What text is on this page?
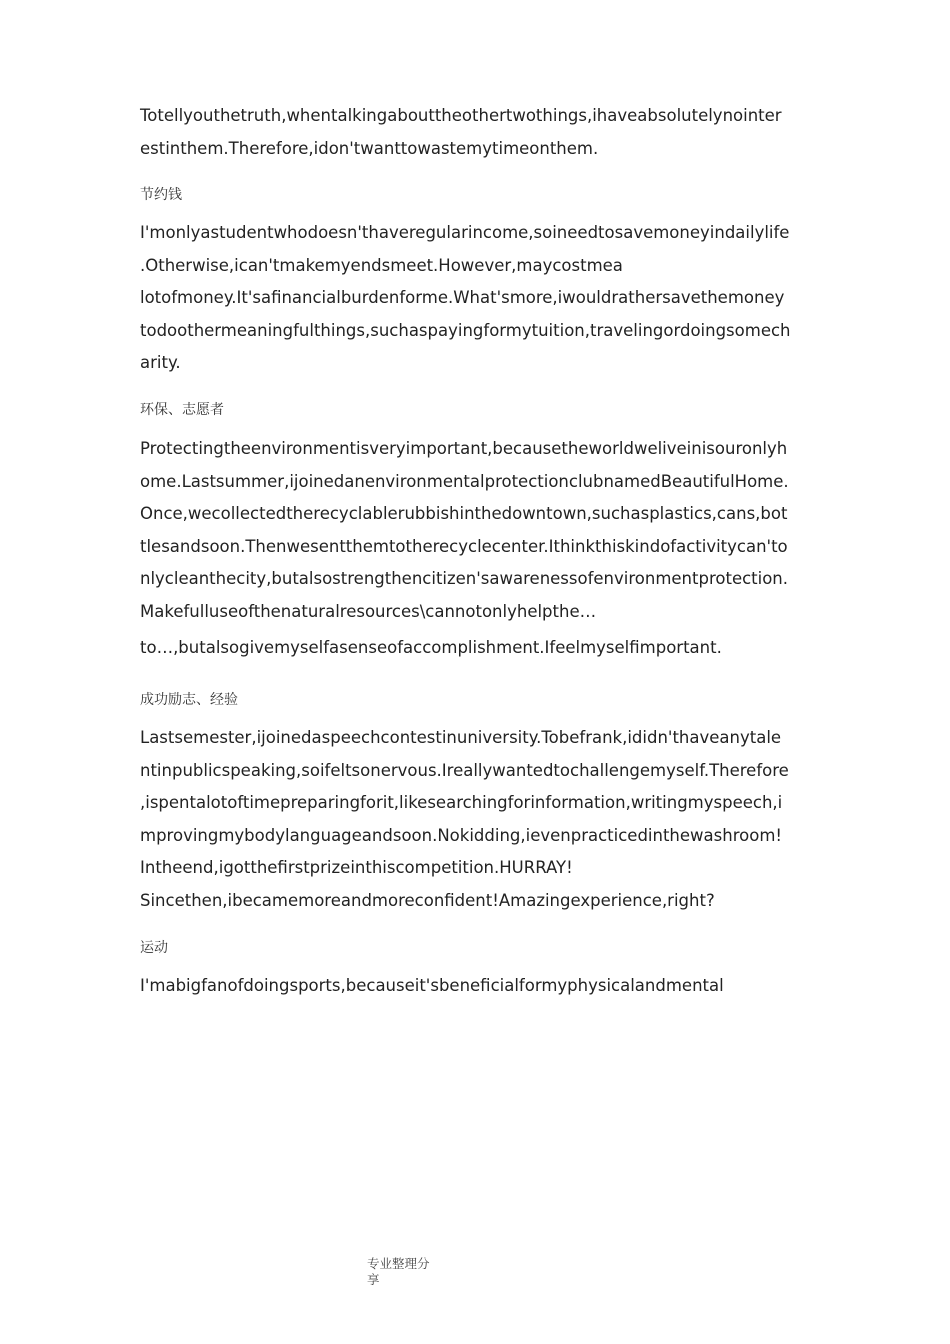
Totellyouthetruth,whentalkingabouttheothertwothings,ihaveabsolutelynointer
estinthem.Therefore,idon'twanttowastemytimeonthem.
节约钱
I'monlyastudentwhodoesn'thaveregularincome,soineedtosavemoneyindailylife
.Otherwise,ican'tmakemyendsmeet.However,maycostmea
lotofmoney.It'safinancialburdenforme.What'smore,iwouldrathersavethemoney
todoothermeaningfulthings,suchaspayingformytuition,travelingordoingsomech
arity.
环保、志愿者
Protectingtheenvironmentisveryimportant,becausetheworldweliveinisouronlyh
ome.Lastsummer,ijoinedanenvironmentalprotectionclubnamedBeautifulHome.
Once,wecollectedtherecyclablerubbishinthedowntown,suchasplastics,cans,bot
tlesandsoon.Thenwesentthemtotherecyclecenter.Ithinkthiskindofactivitycan'to
nlycleanthecity,butalsostrengthencitizen'sawarenessofenvironmentprotection.
Makefulluseofthenaturalresources\cannotonlyhelpthe…
to…,butalsogivemyselfasenseofaccomplishment.Ifeelmyselfimportant.
成功励志、经验
Lastsemester,ijoinedaspeechcontestinuniversity.Tobefrank,ididn'thaveanytale
ntinpublicspeaking,soifeltsonervous.Ireallywantedtochallengemyself.Therefore
,ispentalotoftimepreparingforit,likesearchingforinformation,writingmyspeech,i
mprovingmybodylanguageandsoon.Nokidding,ievenpracticedinthewashroom!
Intheend,igotthefirstprizeinthiscompetition.HURRAY!
Sincethen,ibecamemoreandmoreconfident!Amazingexperience,right?
运动
I'mabigfanofdoingsports,becauseit'sbeneficialformyphysicalandmental
专业整理分
享
